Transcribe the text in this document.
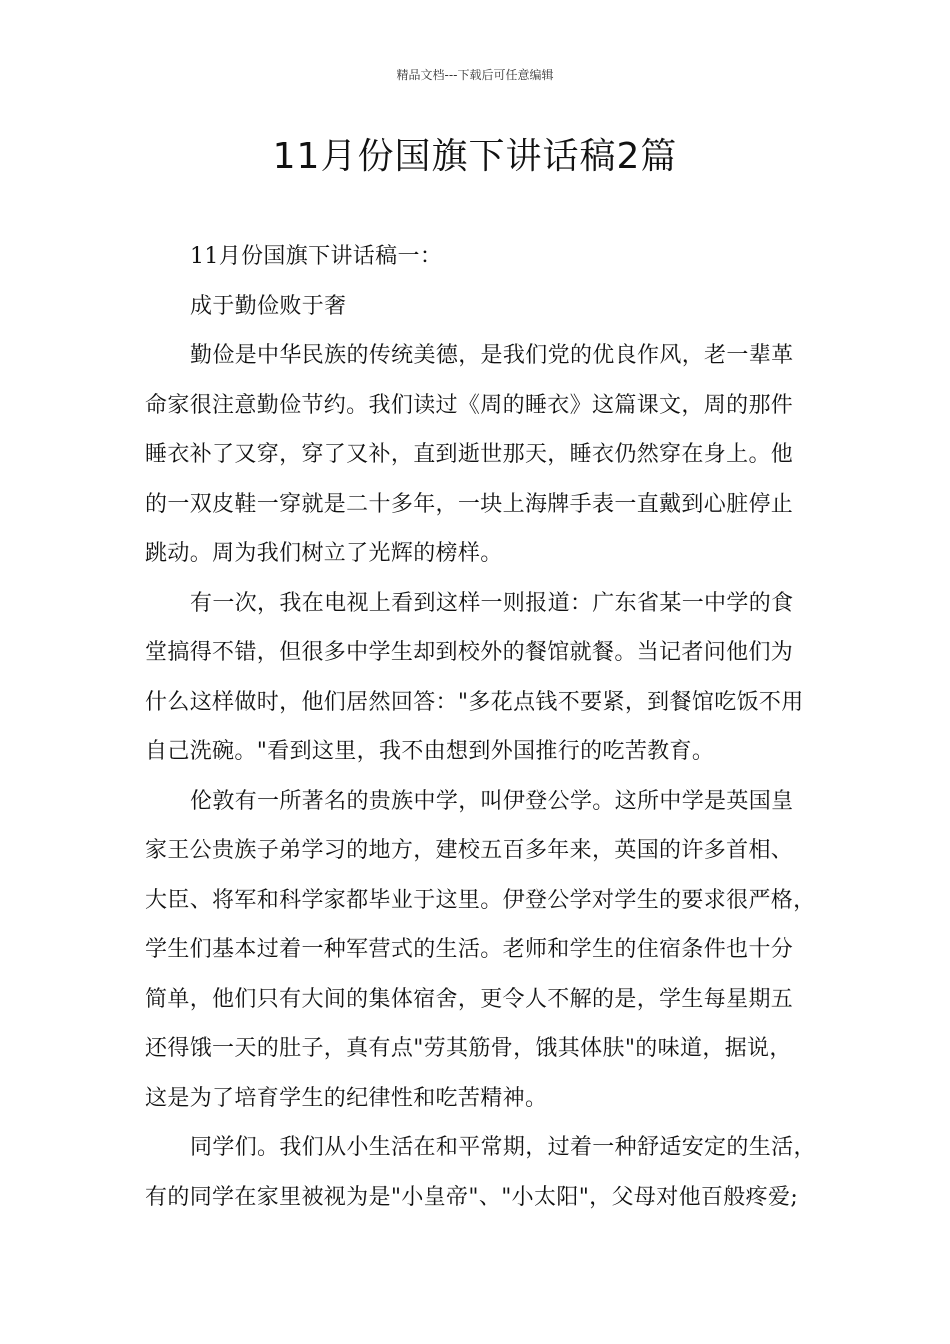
精品文档---下载后可任意编辑
11月份国旗下讲话稿2篇
11月份国旗下讲话稿一：
成于勤俭败于奢
勤俭是中华民族的传统美德，是我们党的优良作风，老一辈革
命家很注意勤俭节约。我们读过《周的睡衣》这篇课文，周的那件
睡衣补了又穿，穿了又补，直到逝世那天，睡衣仍然穿在身上。他
的一双皮鞋一穿就是二十多年，一块上海牌手表一直戴到心脏停止
跳动。周为我们树立了光辉的榜样。
有一次，我在电视上看到这样一则报道：广东省某一中学的食
堂搞得不错，但很多中学生却到校外的餐馆就餐。当记者问他们为
什么这样做时，他们居然回答："多花点钱不要紧，到餐馆吃饭不用
自己洗碗。"看到这里，我不由想到外国推行的吃苦教育。
伦敦有一所著名的贵族中学，叫伊登公学。这所中学是英国皇
家王公贵族子弟学习的地方，建校五百多年来，英国的许多首相、
大臣、将军和科学家都毕业于这里。伊登公学对学生的要求很严格，
学生们基本过着一种军营式的生活。老师和学生的住宿条件也十分
简单，他们只有大间的集体宿舍，更令人不解的是，学生每星期五
还得饿一天的肚子，真有点"劳其筋骨，饿其体肤"的味道，据说，
这是为了培育学生的纪律性和吃苦精神。
同学们。我们从小生活在和平常期，过着一种舒适安定的生活，
有的同学在家里被视为是"小皇帝"、"小太阳"，父母对他百般疼爱;
